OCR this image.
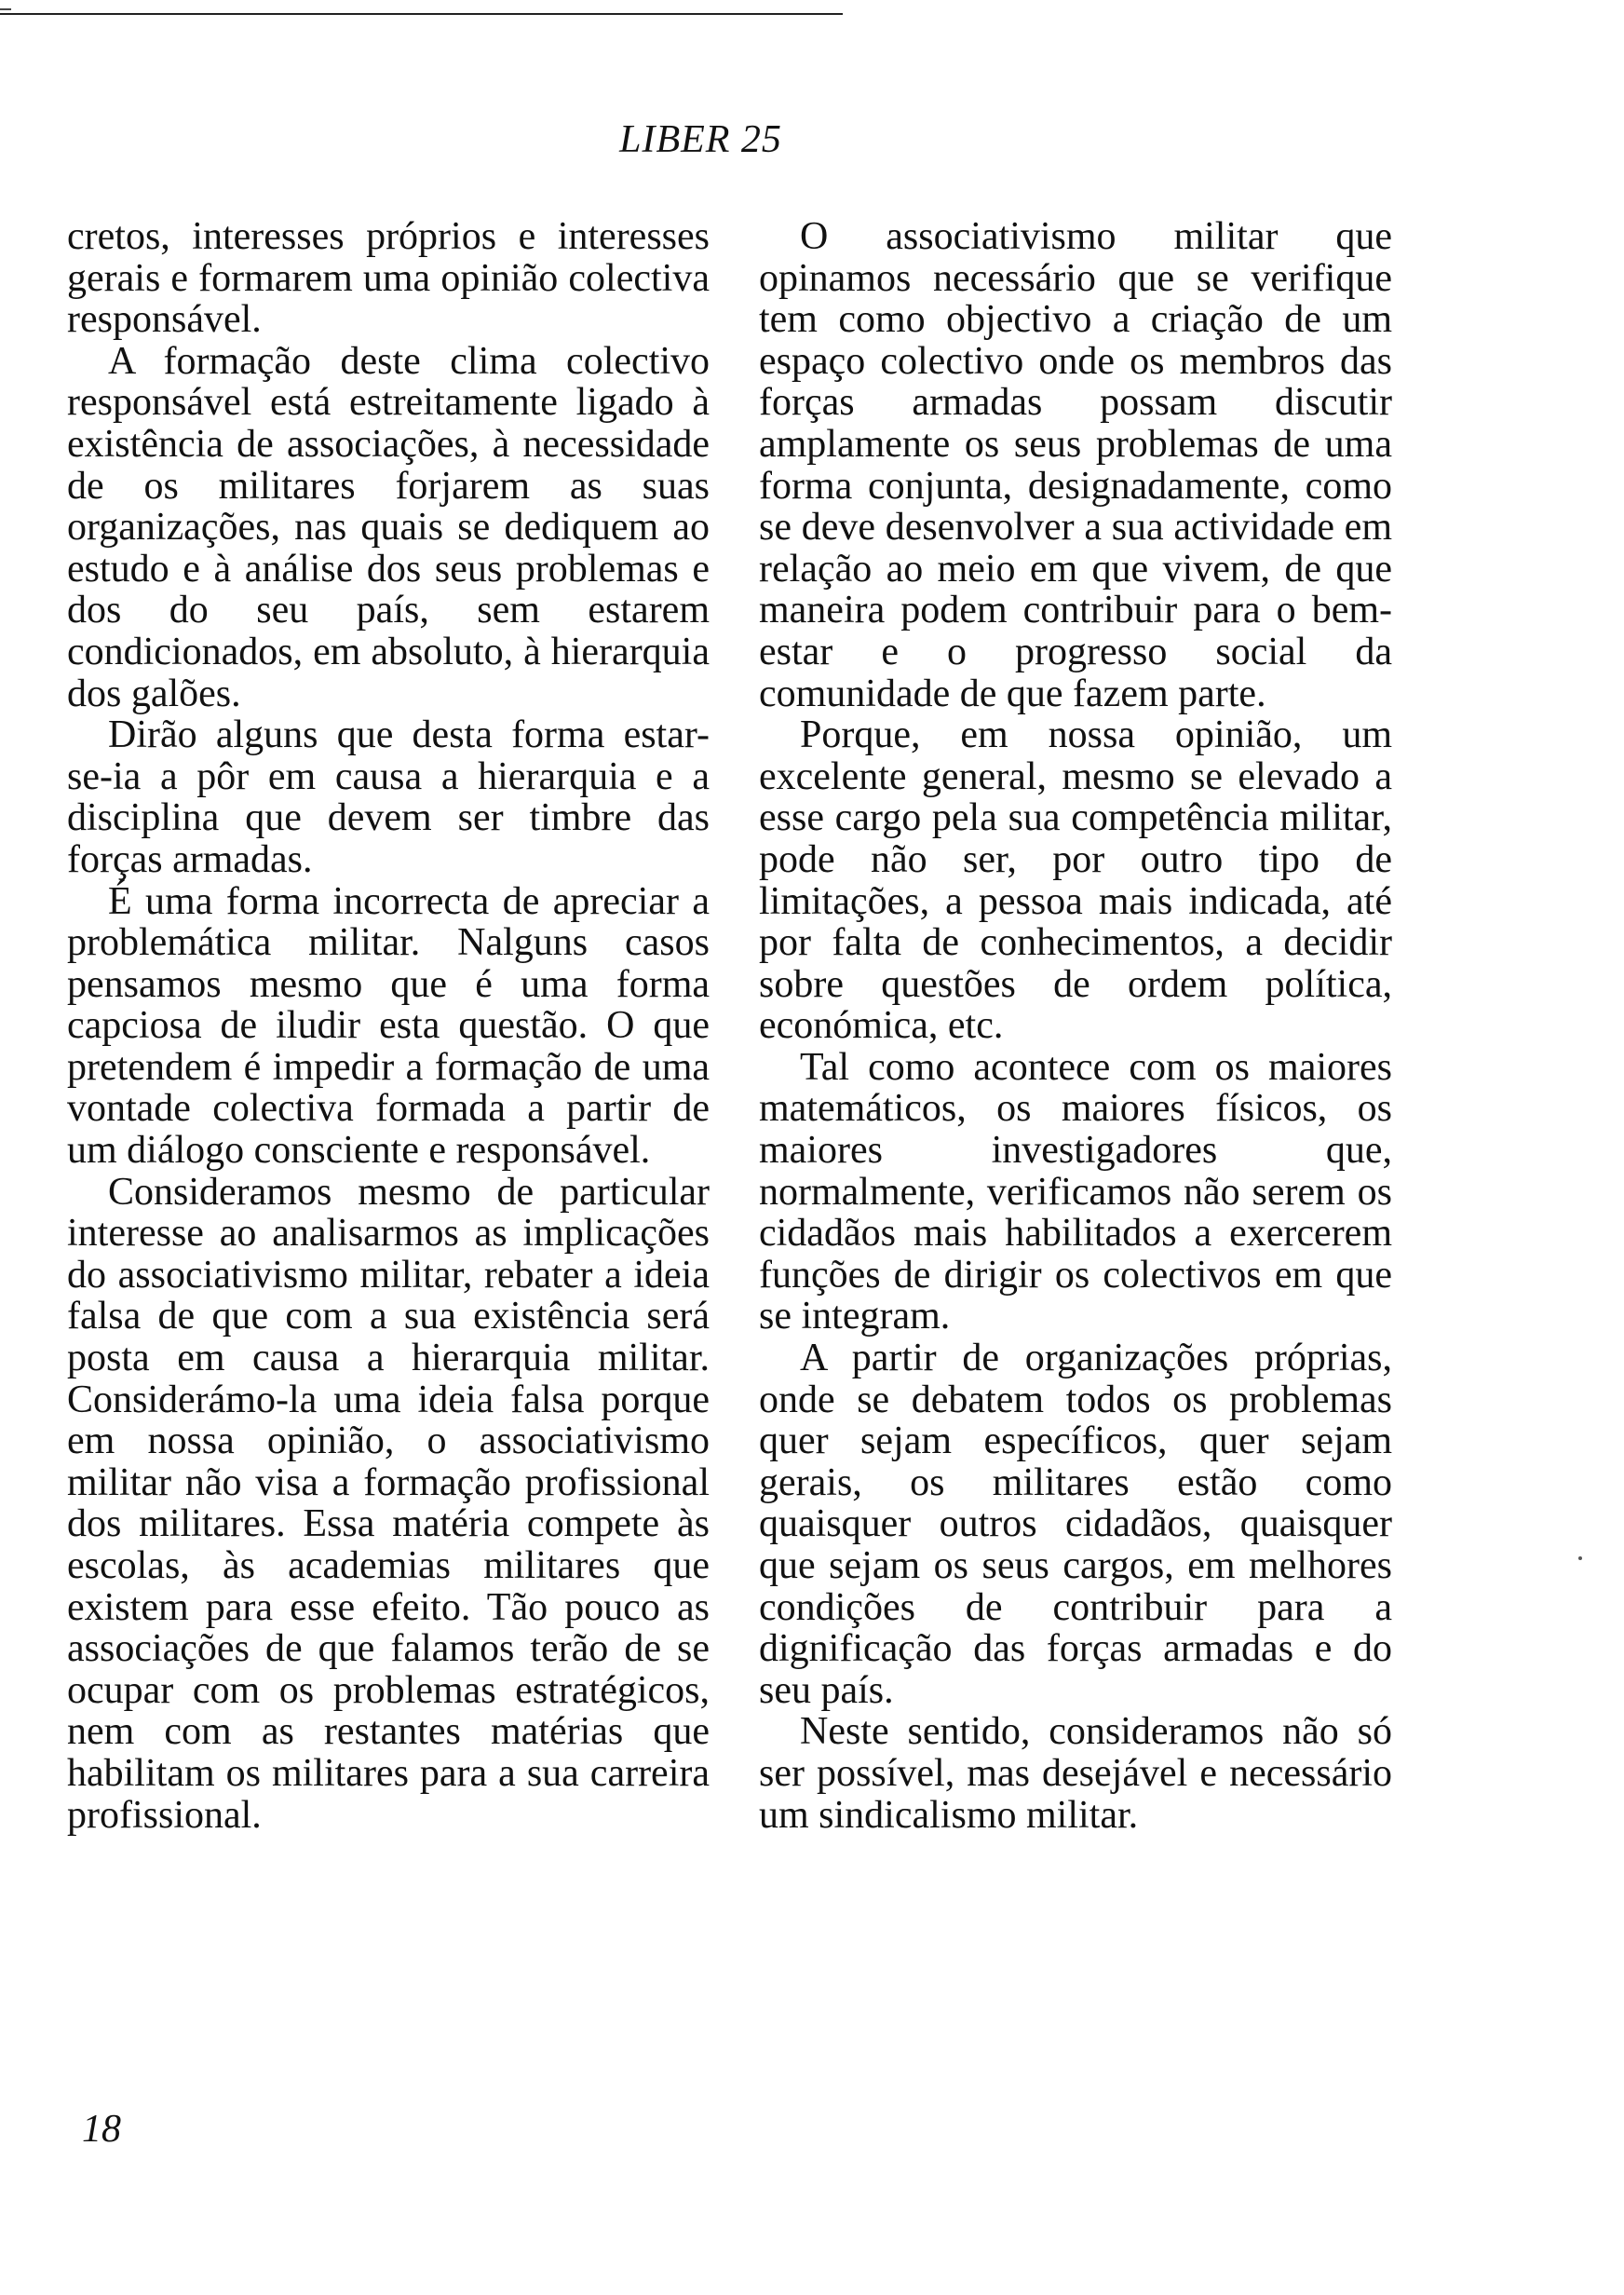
LIBER 25

cretos, interesses próprios e interesses gerais e formarem uma opinião colectiva responsável.

A formação deste clima colectivo responsável está estreitamente ligado à existência de associações, à necessidade de os militares forjarem as suas organizações, nas quais se dediquem ao estudo e à análise dos seus problemas e dos do seu país, sem estarem condicionados, em absoluto, à hierarquia dos galões.

Dirão alguns que desta forma estar-se-ia a pôr em causa a hierarquia e a disciplina que devem ser timbre das forças armadas.

É uma forma incorrecta de apreciar a problemática militar. Nalguns casos pensamos mesmo que é uma forma capciosa de iludir esta questão. O que pretendem é impedir a formação de uma vontade colectiva formada a partir de um diálogo consciente e responsável.

Consideramos mesmo de particular interesse ao analisarmos as implicações do associativismo militar, rebater a ideia falsa de que com a sua existência será posta em causa a hierarquia militar. Considerámo-la uma ideia falsa porque em nossa opinião, o associativismo militar não visa a formação profissional dos militares. Essa matéria compete às escolas, às academias militares que existem para esse efeito. Tão pouco as associações de que falamos terão de se ocupar com os problemas estratégicos, nem com as restantes matérias que habilitam os militares para a sua carreira profissional.

O associativismo militar que opinamos necessário que se verifique tem como objectivo a criação de um espaço colectivo onde os membros das forças armadas possam discutir amplamente os seus problemas de uma forma conjunta, designadamente, como se deve desenvolver a sua actividade em relação ao meio em que vivem, de que maneira podem contribuir para o bem-estar e o progresso social da comunidade de que fazem parte.

Porque, em nossa opinião, um excelente general, mesmo se elevado a esse cargo pela sua competência militar, pode não ser, por outro tipo de limitações, a pessoa mais indicada, até por falta de conhecimentos, a decidir sobre questões de ordem política, económica, etc.

Tal como acontece com os maiores matemáticos, os maiores físicos, os maiores investigadores que, normalmente, verificamos não serem os cidadãos mais habilitados a exercerem funções de dirigir os colectivos em que se integram.

A partir de organizações próprias, onde se debatem todos os problemas quer sejam específicos, quer sejam gerais, os militares estão como quaisquer outros cidadãos, quaisquer que sejam os seus cargos, em melhores condições de contribuir para a dignificação das forças armadas e do seu país.

Neste sentido, consideramos não só ser possível, mas desejável e necessário um sindicalismo militar.

18
